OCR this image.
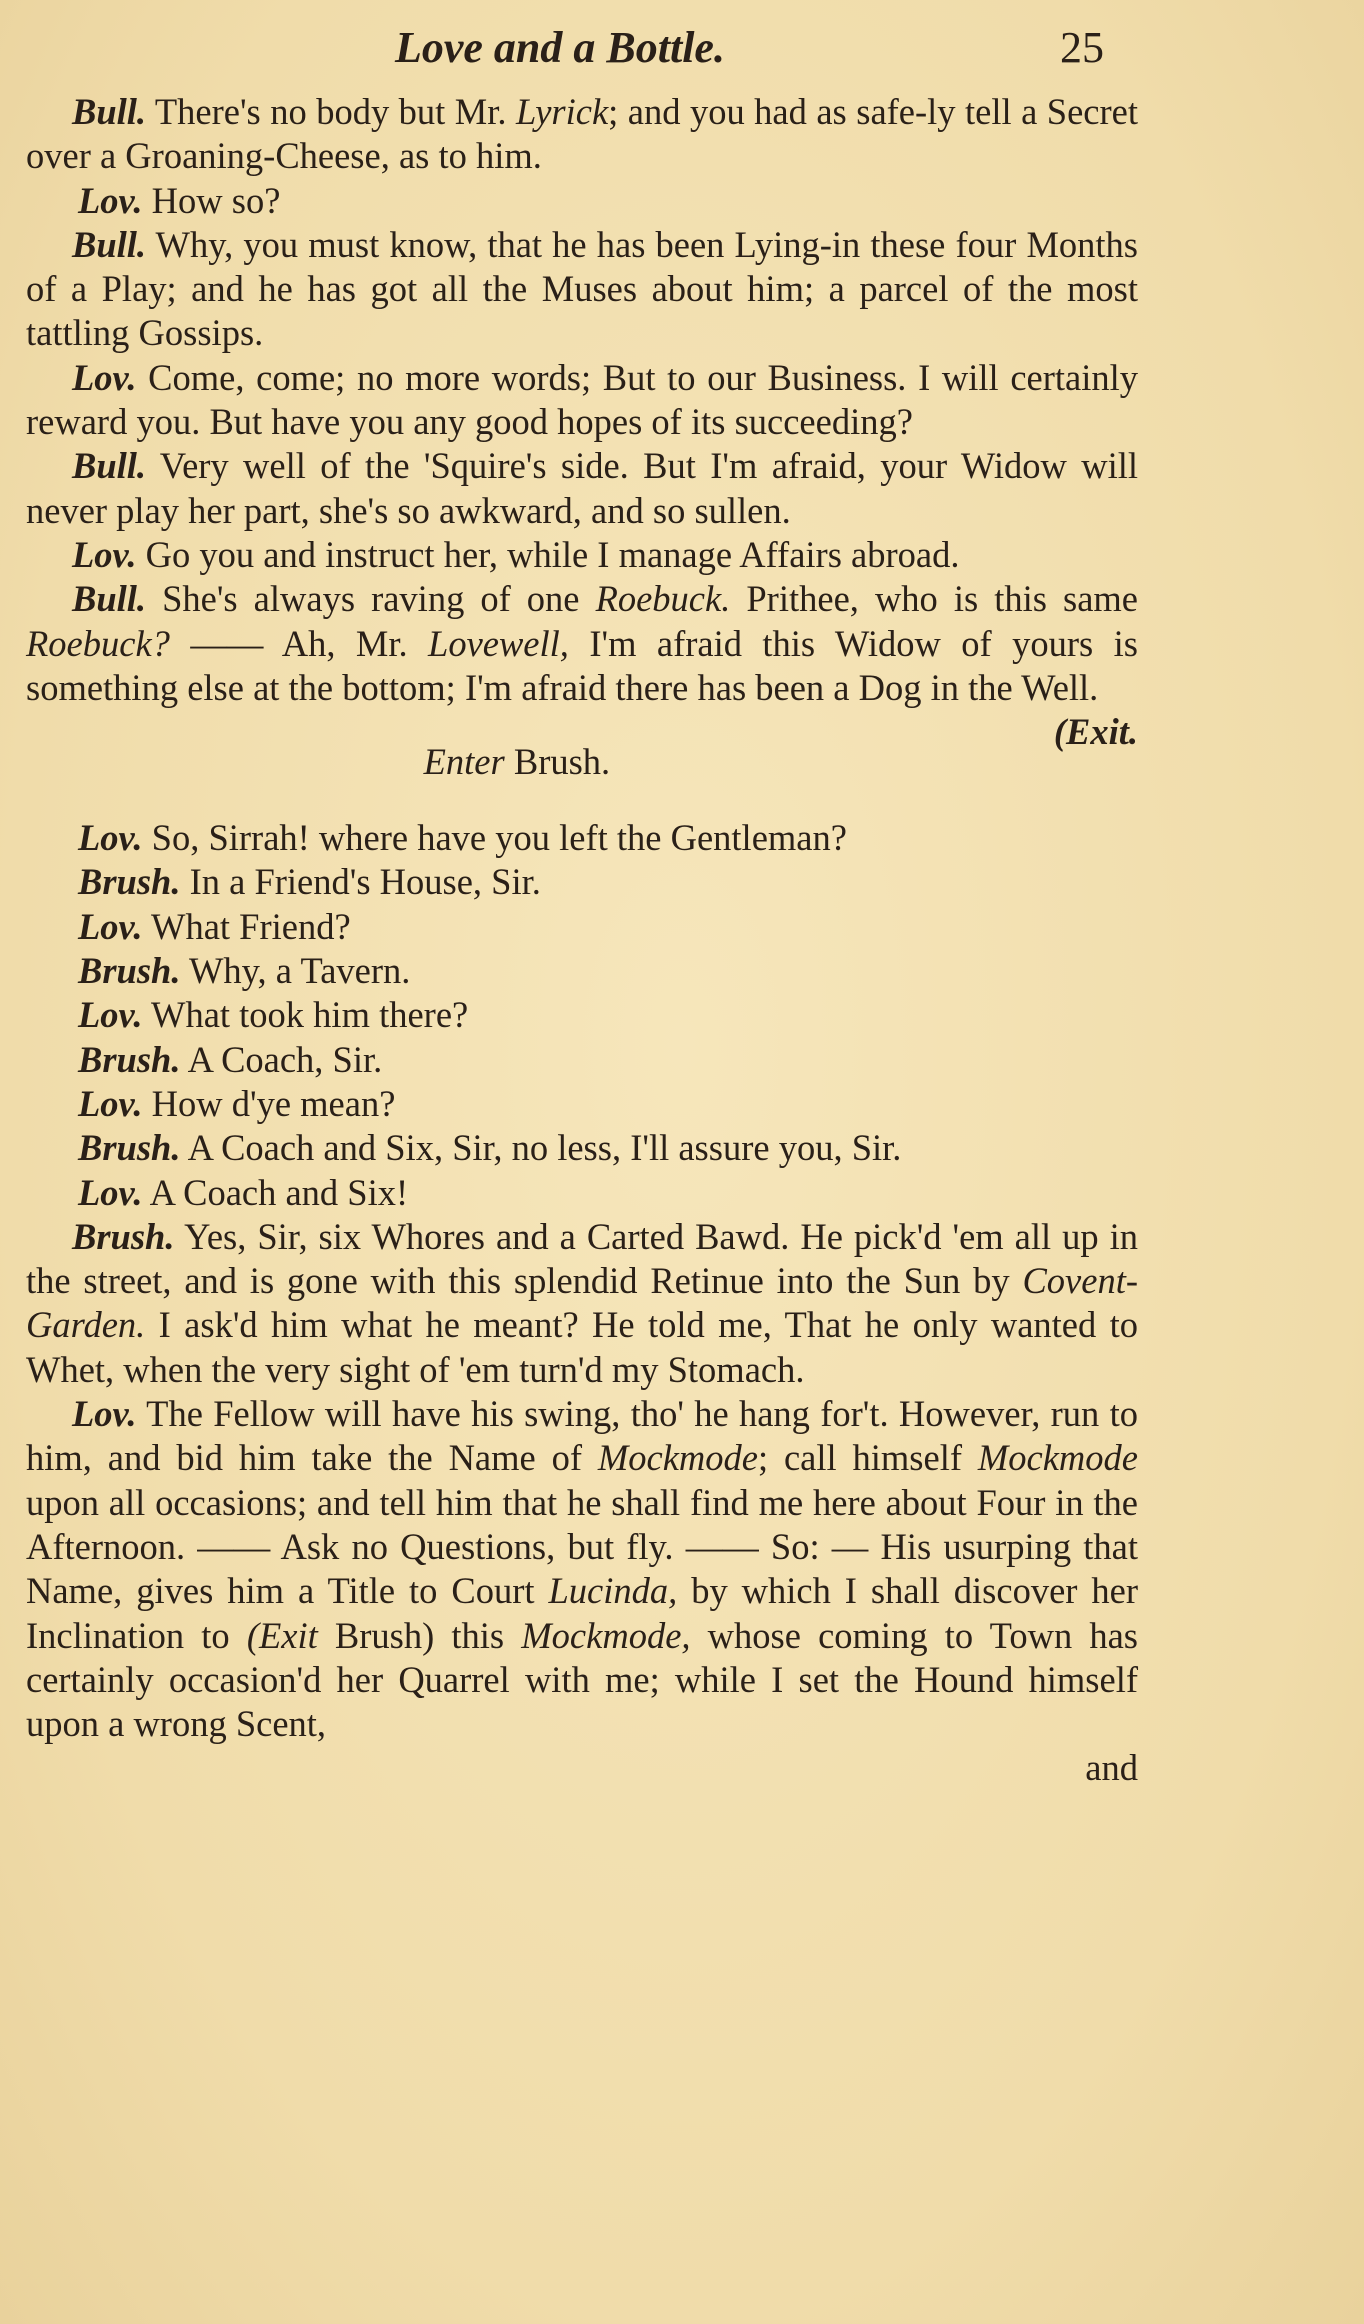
Love and a Bottle.	25

Bull. There's no body but Mr. Lyrick; and you had as safe-ly tell a Secret over a Groaning-Cheese, as to him.

Lov. How so?

Bull. Why, you must know, that he has been Lying-in these four Months of a Play; and he has got all the Muses about him; a parcel of the most tattling Gossips.

Lov. Come, come; no more words; But to our Business. I will certainly reward you. But have you any good hopes of its succeeding?

Bull. Very well of the 'Squire's side. But I'm afraid, your Widow will never play her part, she's so awkward, and so sullen.

Lov. Go you and instruct her, while I manage Affairs abroad.

Bull. She's always raving of one Roebuck. Prithee, who is this same Roebuck? —— Ah, Mr. Lovewell, I'm afraid this Widow of yours is something else at the bottom; I'm afraid there has been a Dog in the Well.
(Exit.

Enter Brush.

Lov. So, Sirrah! where have you left the Gentleman?

Brush. In a Friend's House, Sir.

Lov. What Friend?

Brush. Why, a Tavern.

Lov. What took him there?

Brush. A Coach, Sir.

Lov. How d'ye mean?

Brush. A Coach and Six, Sir, no less, I'll assure you, Sir.

Lov. A Coach and Six!

Brush. Yes, Sir, six Whores and a Carted Bawd. He pick'd 'em all up in the street, and is gone with this splendid Retinue into the Sun by Covent-Garden. I ask'd him what he meant? He told me, That he only wanted to Whet, when the very sight of 'em turn'd my Stomach.

Lov. The Fellow will have his swing, tho' he hang for't. However, run to him, and bid him take the Name of Mockmode; call himself Mockmode upon all occasions; and tell him that he shall find me here about Four in the Afternoon. —— Ask no Questions, but fly. —— So: — His usurping that Name, gives him a Title to Court Lucinda, by which I shall discover her Inclination to (Exit Brush) this Mockmode, whose coming to Town has certainly occasion'd her Quarrel with me; while I set the Hound himself upon a wrong Scent,

and
